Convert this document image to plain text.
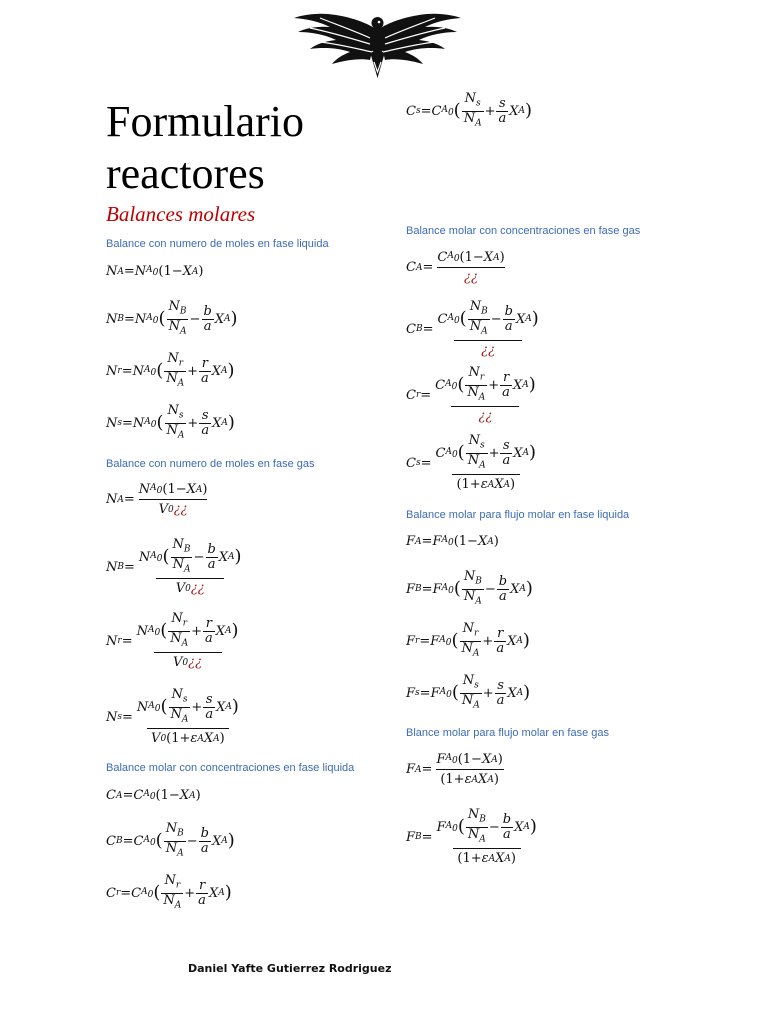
Formulario
reactores
Balances molares
Balance con numero de moles en fase liquida
N A = N $A_0$ (1− X A )
N B = N $A_0$ ( $\frac{N_B}{N_A} - \frac{b}{a}$ X A )
N r = N $A_0$ ( $\frac{N_r}{N_A} + \frac{r}{a}$ X A )
N s = N $A_0$ ( $\frac{N_s}{N_A} + \frac{s}{a}$ X A )
Balance con numero de moles en fase gas
N $A = \frac{N A_0 (1- X A )}{V 0 ¿¿}$
N B =
N $A_0$ ( $\frac{N_B}{N_A} - \frac{b}{a}$ X A )
V 0 ¿¿
N r =
N $A_0$ ( $\frac{N_r}{N_A} + \frac{r}{a}$ X A )
V 0 ¿¿
N s =
N $A_0$ ( $\frac{N_s}{N_A} + \frac{s}{a}$ X A )
V 0 (1+ ε A X A )
Balance molar con concentraciones en fase liquida
C A = C $A_0$ (1− X A )
C B = C $A_0$ ( $\frac{N_B}{N_A} - \frac{b}{a}$ X A )
C r = C $A_0$ ( $\frac{N_r}{N_A} + \frac{r}{a}$ X A )
Daniel Yafte Gutierrez Rodriguez
C s = C $A_0$ ( $\frac{N_s}{N_A} + \frac{s}{a}$ X A )
Balance molar con concentraciones en fase gas
C A =
C $A_0$ (1− X A )
¿¿
C B =
C $A_0$ ( $\frac{N_B}{N_A} - \frac{b}{a}$ X A )
¿¿
C r =
C $A_0$ ( $\frac{N_r}{N_A} + \frac{r}{a}$ X A )
¿¿
C s =
C $A_0$ ( $\frac{N_s}{N_A} + \frac{s}{a}$ X A )
(1+ ε A X A )
Balance molar para flujo molar en fase liquida
F A = F $A_0$ (1− X A )
F B = F $A_0$ ( $\frac{N_B}{N_A} - \frac{b}{a}$ X A )
F r = F $A_0$ ( $\frac{N_r}{N_A} + \frac{r}{a}$ X A )
F s = F $A_0$ ( $\frac{N_s}{N_A} + \frac{s}{a}$ X A )
Blance molar para flujo molar en fase gas
F A =
F $A_0$ (1− X A )
(1+ ε A X A )
F B =
F $A_0$ ( $\frac{N_B}{N_A} - \frac{b}{a}$ X A )
(1+ ε A X A )
